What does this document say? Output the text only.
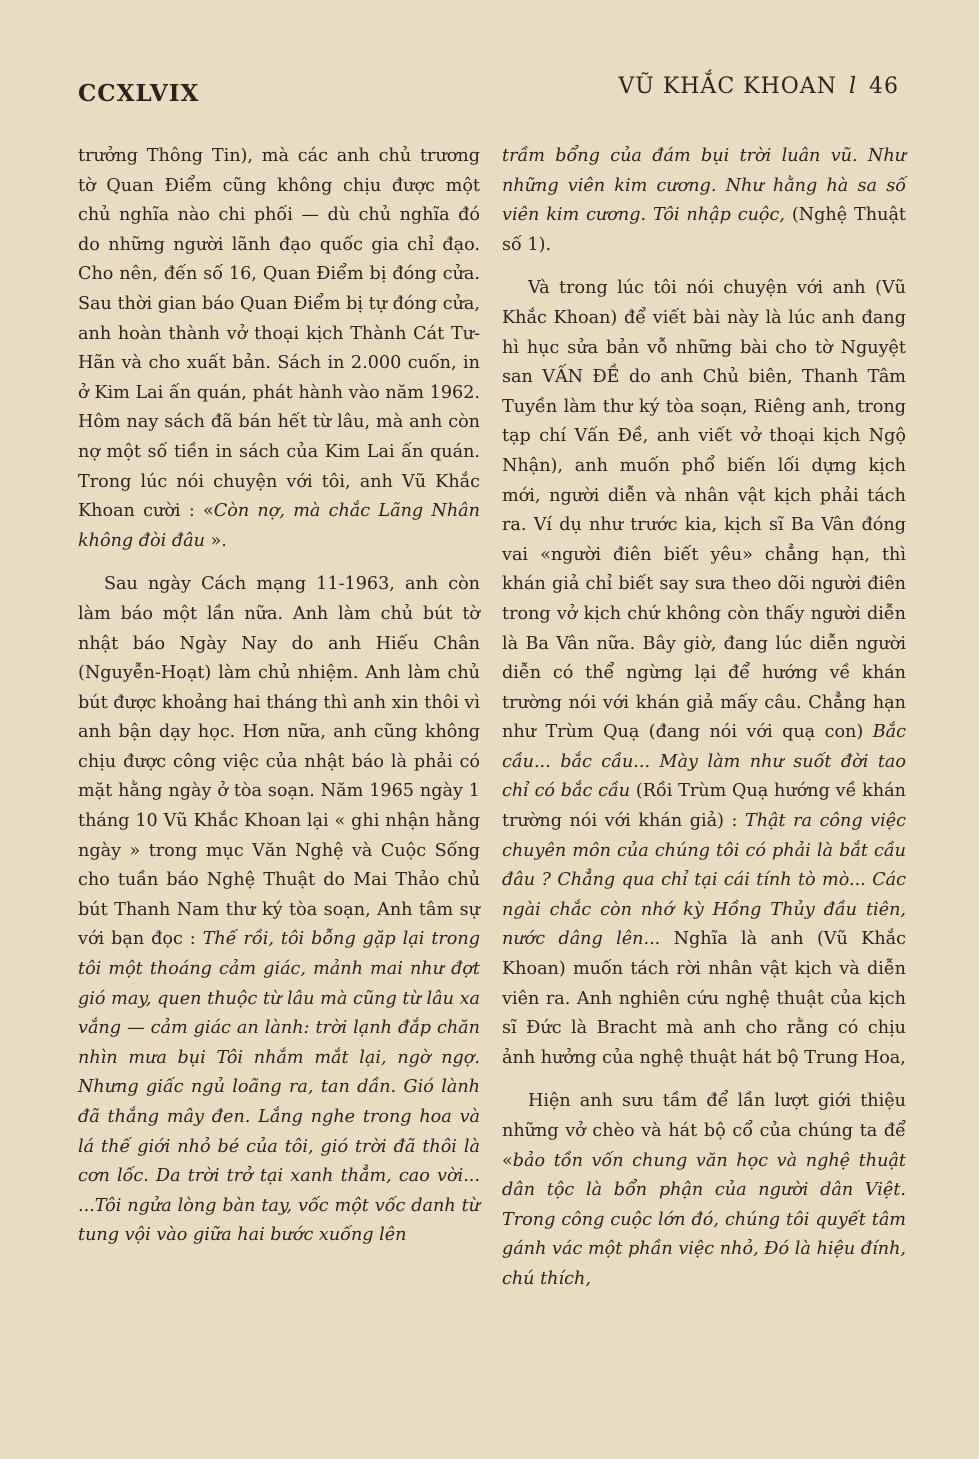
CCXLVIX	VŨ KHẮC KHOAN l 46

trưởng Thông Tin), mà các anh chủ trương tờ Quan Điểm cũng không chịu được một chủ nghĩa nào chi phối — dù chủ nghĩa đó do những người lãnh đạo quốc gia chỉ đạo. Cho nên, đến số 16, Quan Điểm bị đóng cửa. Sau thời gian báo Quan Điểm bị tự đóng cửa, anh hoàn thành vở thoại kịch Thành Cát Tư-Hãn và cho xuất bản. Sách in 2.000 cuốn, in ở Kim Lai ấn quán, phát hành vào năm 1962. Hôm nay sách đã bán hết từ lâu, mà anh còn nợ một số tiền in sách của Kim Lai ấn quán. Trong lúc nói chuyện với tôi, anh Vũ Khắc Khoan cười : «Còn nợ, mà chắc Lãng Nhân không đòi đâu ».

Sau ngày Cách mạng 11-1963, anh còn làm báo một lần nữa. Anh làm chủ bút tờ nhật báo Ngày Nay do anh Hiếu Chân (Nguyễn-Hoạt) làm chủ nhiệm. Anh làm chủ bút được khoảng hai tháng thì anh xin thôi vì anh bận dạy học. Hơn nữa, anh cũng không chịu được công việc của nhật báo là phải có mặt hằng ngày ở tòa soạn. Năm 1965 ngày 1 tháng 10 Vũ Khắc Khoan lại « ghi nhận hằng ngày » trong mục Văn Nghệ và Cuộc Sống cho tuần báo Nghệ Thuật do Mai Thảo chủ bút Thanh Nam thư ký tòa soạn, Anh tâm sự với bạn đọc : Thế rồi, tôi bỗng gặp lại trong tôi một thoáng cảm giác, mảnh mai như đợt gió may, quen thuộc từ lâu mà cũng từ lâu xa vắng — cảm giác an lành: trời lạnh đắp chăn nhìn mưa bụi Tôi nhắm mắt lại, ngờ ngợ. Nhưng giấc ngủ loãng ra, tan dần. Gió lành đã thắng mây đen. Lắng nghe trong hoa và lá thế giới nhỏ bé của tôi, gió trời đã thôi là cơn lốc. Da trời trở tại xanh thẳm, cao vời... ...Tôi ngửa lòng bàn tay, vốc một vốc danh từ tung vội vào giữa hai bước xuống lên

trầm bổng của đám bụi trời luân vũ. Như những viên kim cương. Như hằng hà sa số viên kim cương. Tôi nhập cuộc, (Nghệ Thuật số 1).

Và trong lúc tôi nói chuyện với anh (Vũ Khắc Khoan) để viết bài này là lúc anh đang hì hục sửa bản vỗ những bài cho tờ Nguyệt san VẤN ĐỀ do anh Chủ biên, Thanh Tâm Tuyền làm thư ký tòa soạn, Riêng anh, trong tạp chí Vấn Đề, anh viết vở thoại kịch Ngộ Nhận), anh muốn phổ biến lối dựng kịch mới, người diễn và nhân vật kịch phải tách ra. Ví dụ như trước kia, kịch sĩ Ba Vân đóng vai «người điên biết yêu» chẳng hạn, thì khán giả chỉ biết say sưa theo dõi người điên trong vở kịch chứ không còn thấy người diễn là Ba Vân nữa. Bây giờ, đang lúc diễn người diễn có thể ngừng lại để hướng về khán trường nói với khán giả mấy câu. Chẳng hạn như Trùm Quạ (đang nói với quạ con) Bắc cầu... bắc cầu... Mày làm như suốt đời tao chỉ có bắc cầu (Rồi Trùm Quạ hướng về khán trường nói với khán giả) : Thật ra công việc chuyên môn của chúng tôi có phải là bắt cầu đâu ? Chẳng qua chỉ tại cái tính tò mò... Các ngài chắc còn nhớ kỳ Hồng Thủy đầu tiên, nước dâng lên... Nghĩa là anh (Vũ Khắc Khoan) muốn tách rời nhân vật kịch và diễn viên ra. Anh nghiên cứu nghệ thuật của kịch sĩ Đức là Bracht mà anh cho rằng có chịu ảnh hưởng của nghệ thuật hát bộ Trung Hoa,

Hiện anh sưu tầm để lần lượt giới thiệu những vở chèo và hát bộ cổ của chúng ta để «bảo tồn vốn chung văn học và nghệ thuật dân tộc là bổn phận của người dân Việt. Trong công cuộc lớn đó, chúng tôi quyết tâm gánh vác một phần việc nhỏ, Đó là hiệu đính, chú thích,
